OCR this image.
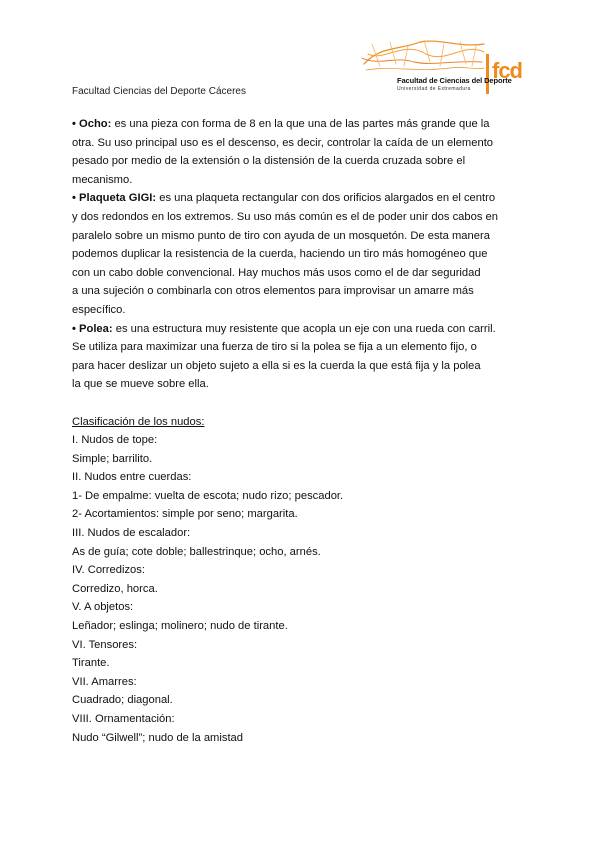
Facultad Ciencias del Deporte Cáceres
fcd
Facultad de Ciencias del Deporte
Universidad de Extremadura
• Ocho: es una pieza con forma de 8 en la que una de las partes más grande que la
otra. Su uso principal uso es el descenso, es decir, controlar la caída de un elemento
pesado por medio de la extensión o la distensión de la cuerda cruzada sobre el
mecanismo.
• Plaqueta GIGI: es una plaqueta rectangular con dos orificios alargados en el centro
y dos redondos en los extremos. Su uso más común es el de poder unir dos cabos en
paralelo sobre un mismo punto de tiro con ayuda de un mosquetón. De esta manera
podemos duplicar la resistencia de la cuerda, haciendo un tiro más homogéneo que
con un cabo doble convencional. Hay muchos más usos como el de dar seguridad
a una sujeción o combinarla con otros elementos para improvisar un amarre más
específico.
• Polea: es una estructura muy resistente que acopla un eje con una rueda con carril.
Se utiliza para maximizar una fuerza de tiro si la polea se fija a un elemento fijo, o
para hacer deslizar un objeto sujeto a ella si es la cuerda la que está fija y la polea
la que se mueve sobre ella.
Clasificación de los nudos:
I. Nudos de tope:
Simple; barrilito.
II. Nudos entre cuerdas:
1- De empalme: vuelta de escota; nudo rizo; pescador.
2- Acortamientos: simple por seno; margarita.
III. Nudos de escalador:
As de guía; cote doble; ballestrinque; ocho, arnés.
IV. Corredizos:
Corredizo, horca.
V. A objetos:
Leñador; eslinga; molinero; nudo de tirante.
VI. Tensores:
Tirante.
VII. Amarres:
Cuadrado; diagonal.
VIII. Ornamentación:
Nudo “Gilwell”; nudo de la amistad
